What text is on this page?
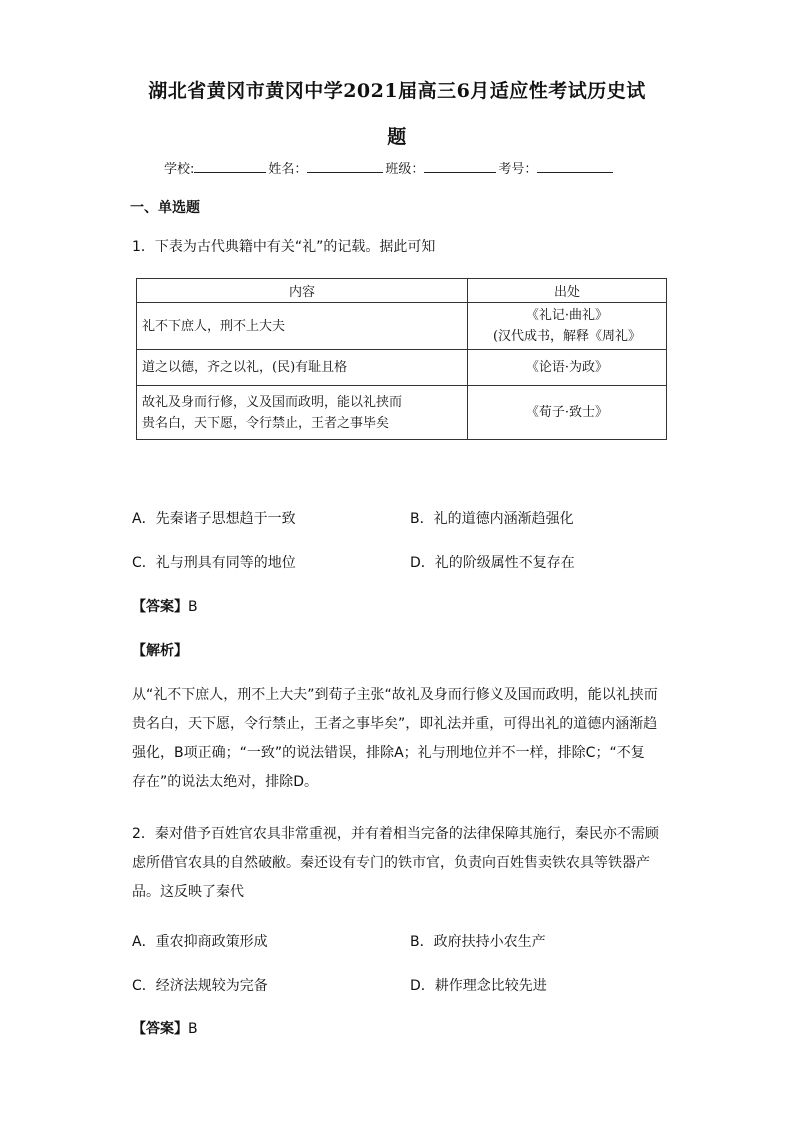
湖北省黄冈市黄冈中学2021届高三6月适应性考试历史试
题
学校:	姓名：	班级：	考号：
一、单选题
1．下表为古代典籍中有关“礼”的记载。据此可知
内容	出处
礼不下庶人，刑不上大夫	《礼记·曲礼》
(汉代成书，解释《周礼》

道之以德，齐之以礼，(民)有耻且格	《论语·为政》

故礼及身而行修，义及国而政明，能以礼挟而
贵名白，天下愿，令行禁止，王者之事毕矣	《荀子·致士》
A．先秦诸子思想趋于一致	B．礼的道德内涵渐趋强化
C．礼与刑具有同等的地位	D．礼的阶级属性不复存在
【答案】B
【解析】
从“礼不下庶人，刑不上大夫”到荀子主张“故礼及身而行修义及国而政明，能以礼挟而
贵名白，天下愿，令行禁止，王者之事毕矣”，即礼法并重，可得出礼的道德内涵渐趋
强化，B项正确；“一致”的说法错误，排除A；礼与刑地位并不一样，排除C；“不复
存在”的说法太绝对，排除D。
2．秦对借予百姓官农具非常重视，并有着相当完备的法律保障其施行，秦民亦不需顾
虑所借官农具的自然破敝。秦还设有专门的铁市官，负责向百姓售卖铁农具等铁器产
品。这反映了秦代
A．重农抑商政策形成	B．政府扶持小农生产
C．经济法规较为完备	D．耕作理念比较先进
【答案】B
